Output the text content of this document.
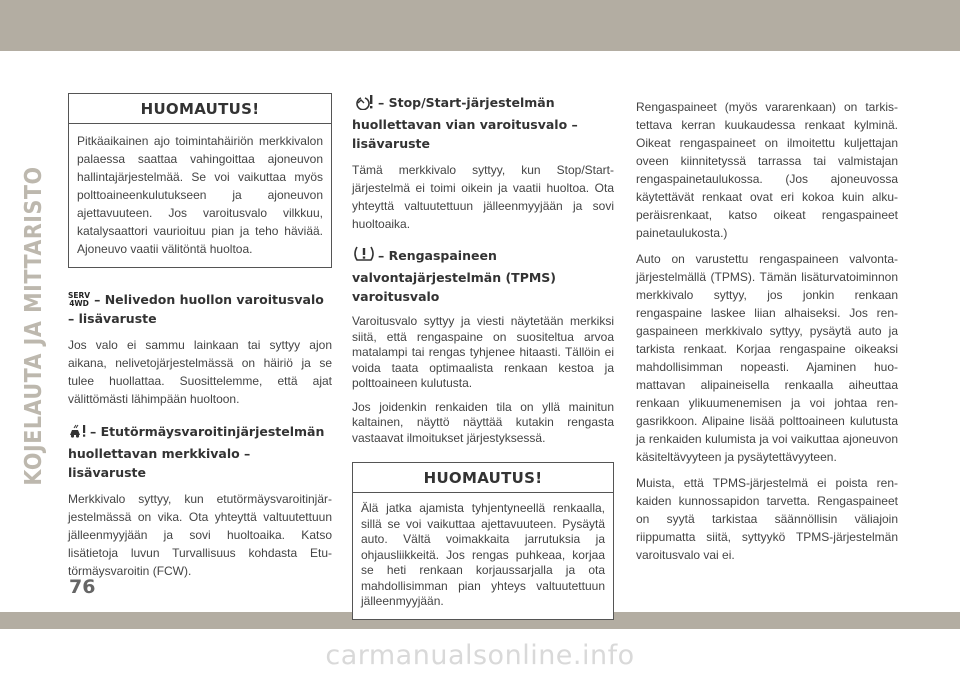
KOJELAUTA JA MITTARISTO
HUOMAUTUS!
Pitkäaikainen ajo toimintahäiriön merkkivalon palaessa saattaa vahingoittaa ajoneuvon hallintajärjestelmää. Se voi vaikuttaa myös polttoaineenkulutukseen ja ajoneuvon ajettavuuteen. Jos varoitusvalo vilkkuu, katalysaattori vaurioituu pian ja teho häviää. Ajoneuvo vaatii välitöntä huoltoa.

SERV
4WD – Nelivedon huollon varoitusvalo – lisävaruste

Jos valo ei sammu lainkaan tai syttyy ajon aikana, nelivetojärjestelmässä on häiriö ja se tulee huollattaa. Suosittelemme, että ajat välittömästi lähimpään huoltoon.

– Etutörmäysvaroitinjärjestelmän huollettavan merkkivalo – lisävaruste

Merkkivalo syttyy, kun etutörmäysvaroitinjärjestelmässä on vika. Ota yhteyttä valtuutettuun jälleenmyyjään ja sovi huoltoaika. Katso lisätietoja luvun Turvallisuus kohdasta Etutörmäysvaroitin (FCW).

– Stop/Start-järjestelmän huollettavan vian varoitusvalo – lisävaruste

Tämä merkkivalo syttyy, kun Stop/Start-järjestelmä ei toimi oikein ja vaatii huoltoa. Ota yhteyttä valtuutettuun jälleenmyyjään ja sovi huoltoaika.

– Rengaspaineen valvontajärjestelmän (TPMS) varoitusvalo

Varoitusvalo syttyy ja viesti näytetään merkiksi siitä, että rengaspaine on suositeltua arvoa matalampi tai rengas tyhjenee hitaasti. Tällöin ei voida taata optimaalista renkaan kestoa ja polttoaineen kulutusta.

Jos joidenkin renkaiden tila on yllä mainitun kaltainen, näyttö näyttää kutakin rengasta vastaavat ilmoitukset järjestyksessä.

HUOMAUTUS!
Älä jatka ajamista tyhjentyneellä renkaalla, sillä se voi vaikuttaa ajettavuuteen. Pysäytä auto. Vältä voimakkaita jarrutuksia ja ohjausliikkeitä. Jos rengas puhkeaa, korjaa se heti renkaan korjaussarjalla ja ota mahdollisimman pian yhteys valtuutettuun jälleenmyyjään.

Rengaspaineet (myös vararenkaan) on tarkistettava kerran kuukaudessa renkaat kylminä. Oikeat rengaspaineet on ilmoitettu kuljettajan oveen kiinnitetyssä tarrassa tai valmistajan rengaspainetaulukossa. (Jos ajoneuvossa käytettävät renkaat ovat eri kokoa kuin alkuperäisrenkaat, katso oikeat rengaspaineet painetaulukosta.)

Auto on varustettu rengaspaineen valvontajärjestelmällä (TPMS). Tämän lisäturvatoiminnon merkkivalo syttyy, jos jonkin renkaan rengaspaine laskee liian alhaiseksi. Jos rengaspaineen merkkivalo syttyy, pysäytä auto ja tarkista renkaat. Korjaa rengaspaine oikeaksi mahdollisimman nopeasti. Ajaminen huomattavan alipaineisella renkaalla aiheuttaa renkaan ylikuumenemisen ja voi johtaa rengasrikkoon. Alipaine lisää polttoaineen kulutusta ja renkaiden kulumista ja voi vaikuttaa ajoneuvon käsiteltävyyteen ja pysäytettävyyteen.

Muista, että TPMS-järjestelmä ei poista renkaiden kunnossapidon tarvetta. Rengaspaineet on syytä tarkistaa säännöllisin väliajoin riippumatta siitä, syttyykö TPMS-järjestelmän varoitusvalo vai ei.

76
carmanualsonline.info
